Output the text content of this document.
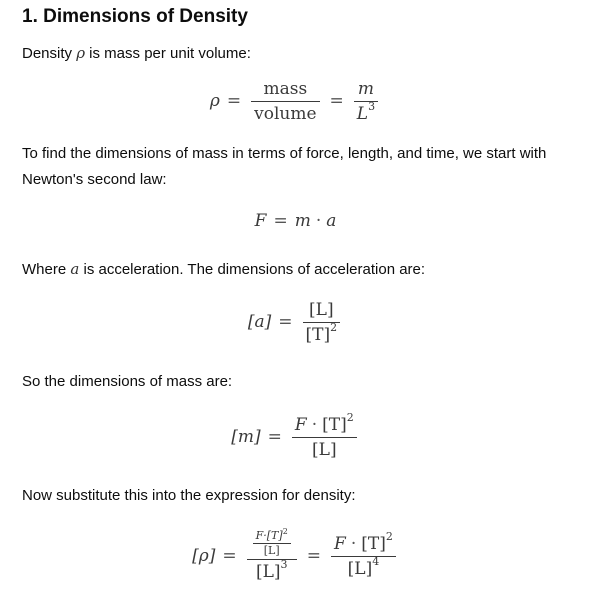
1. Dimensions of Density
Density ρ is mass per unit volume:
$\rho = \frac{\text{mass}}{\text{volume}} = \frac{m}{L^3}$
To find the dimensions of mass in terms of force, length, and time, we start with
Newton's second law:
F = m · a
Where a is acceleration. The dimensions of acceleration are:
$[a] = \frac{[L]}{[T]^2}$
So the dimensions of mass are:
$[m] = \frac{F \cdot [T]^2}{[L]}$
Now substitute this into the expression for density:
$[\rho] = \frac{\frac{F\cdot[T]^2}{[L]}}{[L]^3} = \frac{F \cdot [T]^2}{[L]^4}$
